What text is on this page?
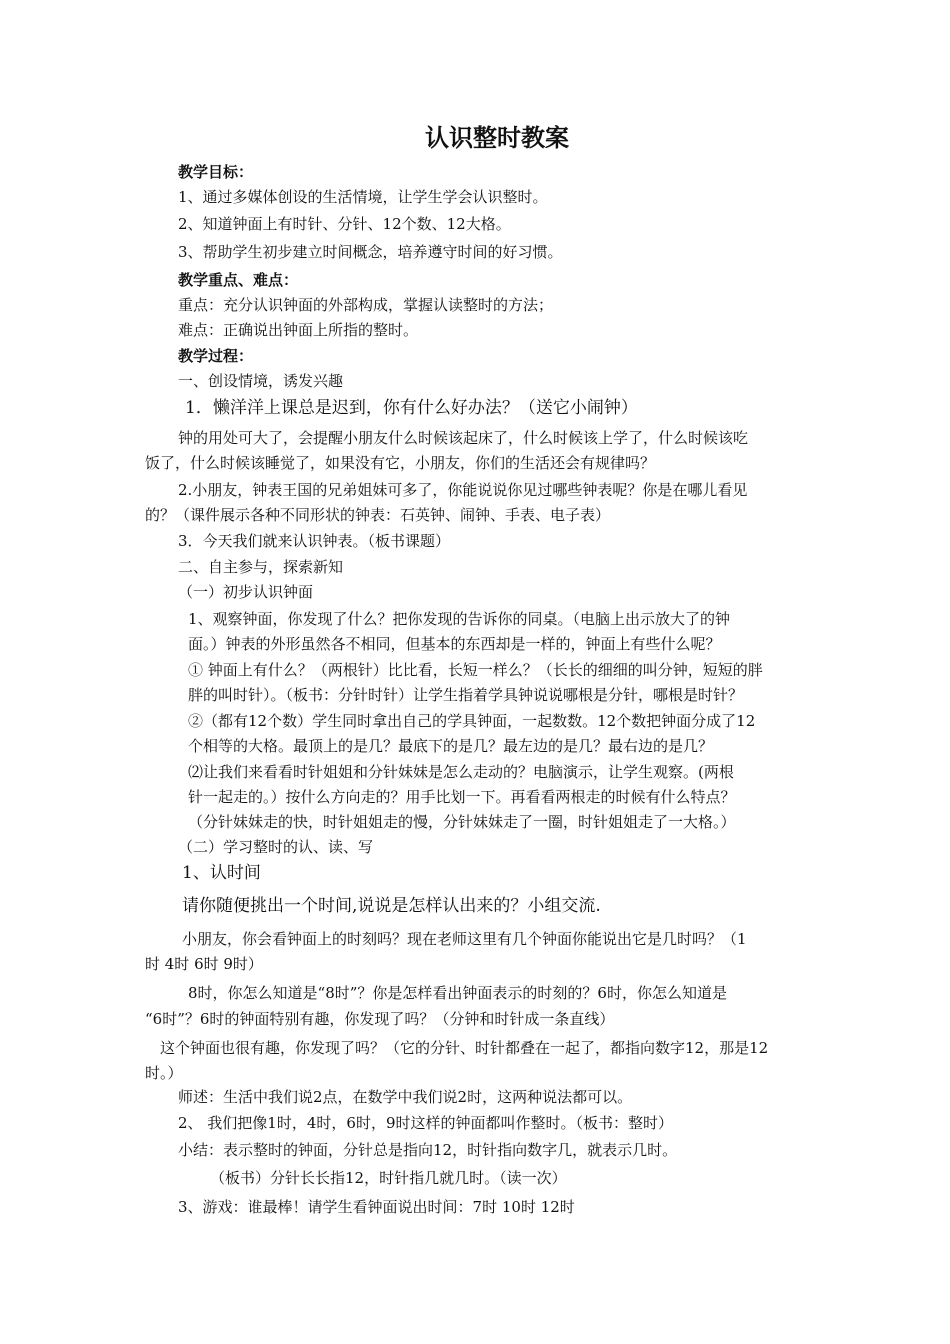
认识整时教案
教学目标：
1、通过多媒体创设的生活情境，让学生学会认识整时。
2、知道钟面上有时针、分针、12个数、12大格。
3、帮助学生初步建立时间概念，培养遵守时间的好习惯。
教学重点、难点：
重点：充分认识钟面的外部构成，掌握认读整时的方法；
难点：正确说出钟面上所指的整时。
教学过程：
一、创设情境，诱发兴趣
1．懒洋洋上课总是迟到，你有什么好办法？（送它小闹钟）
钟的用处可大了，会提醒小朋友什么时候该起床了，什么时候该上学了，什么时候该吃
饭了，什么时候该睡觉了，如果没有它，小朋友，你们的生活还会有规律吗？
2.小朋友，钟表王国的兄弟姐妹可多了，你能说说你见过哪些钟表呢？你是在哪儿看见
的？（课件展示各种不同形状的钟表：石英钟、闹钟、手表、电子表）
3．今天我们就来认识钟表。（板书课题）
二、自主参与，探索新知
（一）初步认识钟面
1、观察钟面，你发现了什么？把你发现的告诉你的同桌。（电脑上出示放大了的钟
面。）钟表的外形虽然各不相同，但基本的东西却是一样的，钟面上有些什么呢？
① 钟面上有什么？（两根针）比比看，长短一样么？（长长的细细的叫分钟，短短的胖
胖的叫时针）。（板书：分针时针）让学生指着学具钟说说哪根是分针，哪根是时针？
②（都有12个数）学生同时拿出自己的学具钟面，一起数数。12个数把钟面分成了12
个相等的大格。最顶上的是几？最底下的是几？最左边的是几？最右边的是几？
⑵让我们来看看时针姐姐和分针妹妹是怎么走动的？电脑演示，让学生观察。(两根
针一起走的。）按什么方向走的？用手比划一下。再看看两根走的时候有什么特点？
（分针妹妹走的快，时针姐姐走的慢，分针妹妹走了一圈，时针姐姐走了一大格。）
（二）学习整时的认、读、写
1、认时间
请你随便挑出一个时间,说说是怎样认出来的？小组交流.
小朋友，你会看钟面上的时刻吗？现在老师这里有几个钟面你能说出它是几时吗？（1
时 4时 6时 9时）
8时，你怎么知道是“8时”？你是怎样看出钟面表示的时刻的？6时，你怎么知道是
“6时”？6时的钟面特别有趣，你发现了吗？（分钟和时针成一条直线）
这个钟面也很有趣，你发现了吗？（它的分针、时针都叠在一起了，都指向数字12，那是12
时。）
师述：生活中我们说2点，在数学中我们说2时，这两种说法都可以。
2、 我们把像1时，4时，6时，9时这样的钟面都叫作整时。（板书：整时）
小结：表示整时的钟面，分针总是指向12，时针指向数字几，就表示几时。
（板书）分针长长指12，时针指几就几时。（读一次）
3、游戏：谁最棒！请学生看钟面说出时间：7时 10时 12时
